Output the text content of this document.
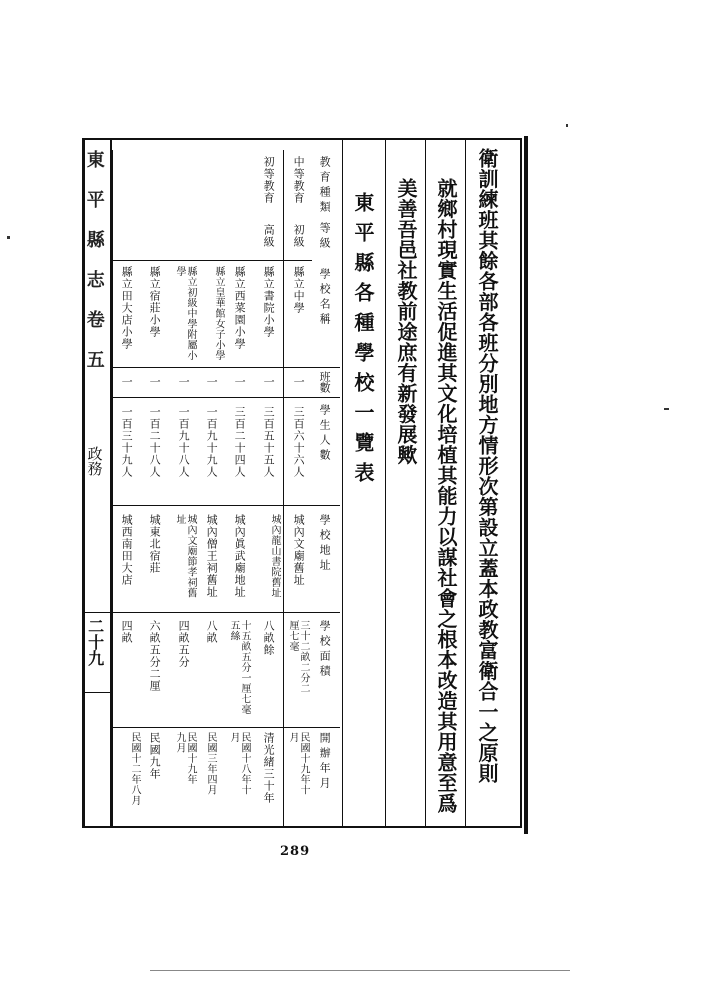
衛訓練班其餘各部各班分別地方情形次第設立蓋本政教富衛合一之原則
就鄉村現實生活促進其文化培植其能力以謀社會之根本改造其用意至爲
美善吾邑社教前途庶有新發展歟
東平縣各種學校一覽表
教育種類
等級
學校名稱
班數
學生人數
學校地址
學校面積
開辦年月
中等教育
初級
初等教育
高級
縣立中學
一
三百六十六人
城內文廟舊址
三十二畝二分二厘七毫
民國十九年十月
縣立書院小學
一
三百五十五人
城內龍山書院舊址
八畝餘
清光緒三十年
縣立西菜園小學
一
三百二十四人
城內眞武廟地址
十五畝五分一厘七毫五絲
民國十八年十月
縣立皇華館女子小學
一
一百九十九人
城內僧王祠舊址
八畝
民國三年四月
縣立初級中學附屬小學
一
一百九十八人
城內文廟節孝祠舊址
四畝五分
民國十九年九月
縣立宿莊小學
一
一百二十八人
城東北宿莊
六畝五分二厘
民國九年
縣立田大店小學
一
一百三十九人
城西南田大店
四畝
民國十二年八月
東平縣志卷五
政務
二十九
289
